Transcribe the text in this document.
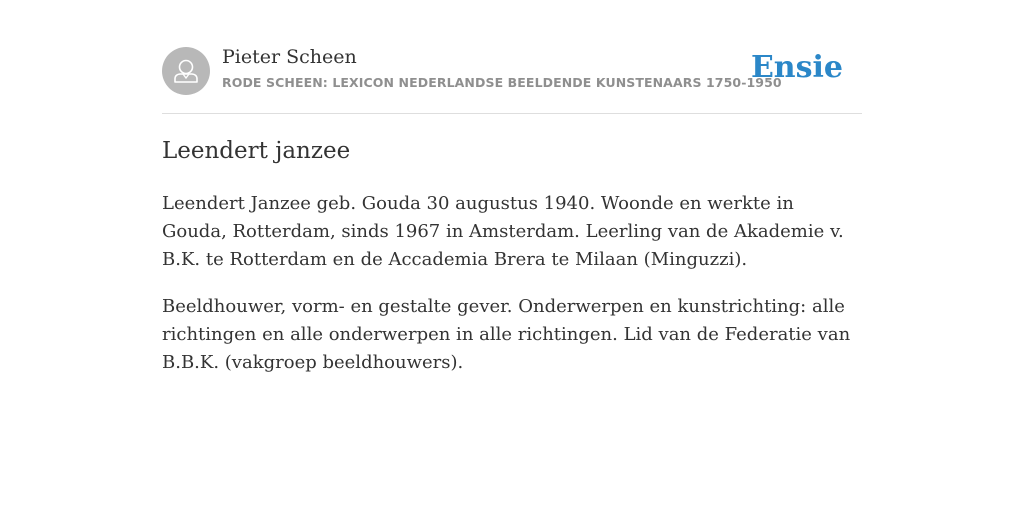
Pieter Scheen
RODE SCHEEN: LEXICON NEDERLANDSE BEELDENDE KUNSTENAARS 1750-1950
Ensie
Leendert janzee

Leendert Janzee geb. Gouda 30 augustus 1940. Woonde en werkte in Gouda, Rotterdam, sinds 1967 in Amsterdam. Leerling van de Akademie v. B.K. te Rotterdam en de Accademia Brera te Milaan (Minguzzi).

Beeldhouwer, vorm- en gestalte gever. Onderwerpen en kunstrichting: alle richtingen en alle onderwerpen in alle richtingen. Lid van de Federatie van B.B.K. (vakgroep beeldhouwers).
